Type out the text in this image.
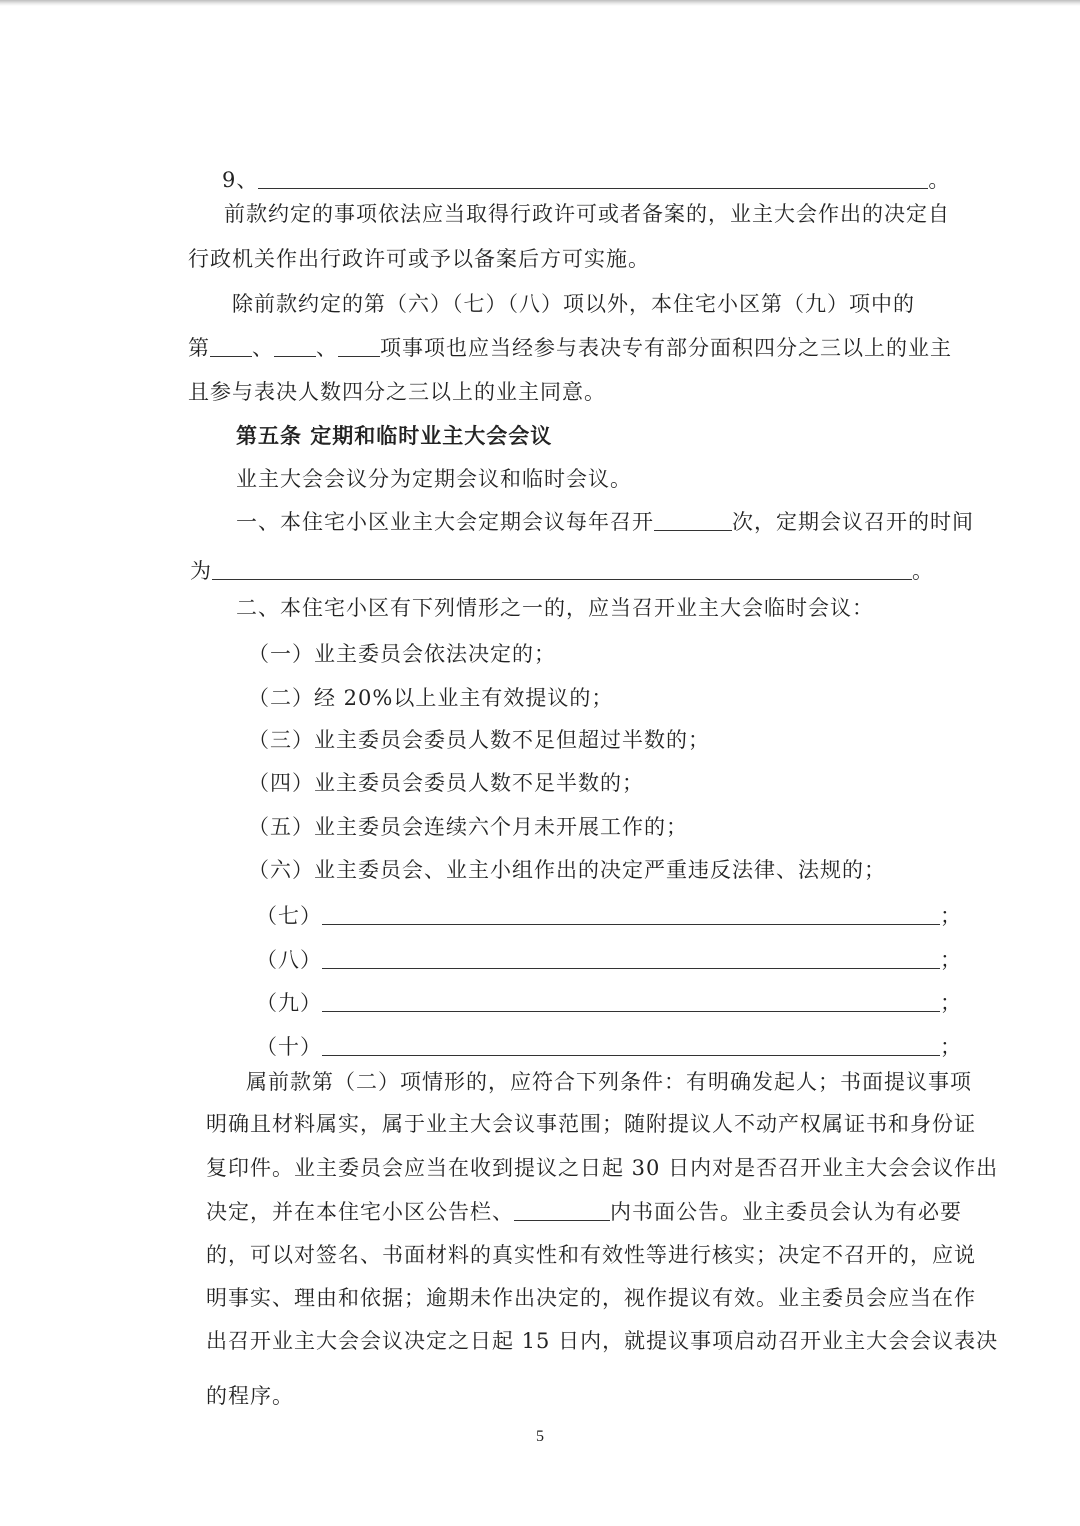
9、	。
前款约定的事项依法应当取得行政许可或者备案的，业主大会作出的决定自
行政机关作出行政许可或予以备案后方可实施。
除前款约定的第（六）（七）（八）项以外，本住宅小区第（九）项中的
第 、 、 项事项也应当经参与表决专有部分面积四分之三以上的业主
且参与表决人数四分之三以上的业主同意。
第五条 定期和临时业主大会会议
业主大会会议分为定期会议和临时会议。
一、本住宅小区业主大会定期会议每年召开	次，定期会议召开的时间
为	。
二、本住宅小区有下列情形之一的，应当召开业主大会临时会议：
（一）业主委员会依法决定的；
（二）经 20%以上业主有效提议的；
（三）业主委员会委员人数不足但超过半数的；
（四）业主委员会委员人数不足半数的；
（五）业主委员会连续六个月未开展工作的；
（六）业主委员会、业主小组作出的决定严重违反法律、法规的；
（七）	；
（八）	；
（九）	；
（十）	；
属前款第（二）项情形的，应符合下列条件：有明确发起人；书面提议事项
明确且材料属实，属于业主大会议事范围；随附提议人不动产权属证书和身份证
复印件。业主委员会应当在收到提议之日起 30 日内对是否召开业主大会会议作出
决定，并在本住宅小区公告栏、	内书面公告。业主委员会认为有必要
的，可以对签名、书面材料的真实性和有效性等进行核实；决定不召开的，应说
明事实、理由和依据；逾期未作出决定的，视作提议有效。业主委员会应当在作
出召开业主大会会议决定之日起 15 日内，就提议事项启动召开业主大会会议表决
的程序。
5
